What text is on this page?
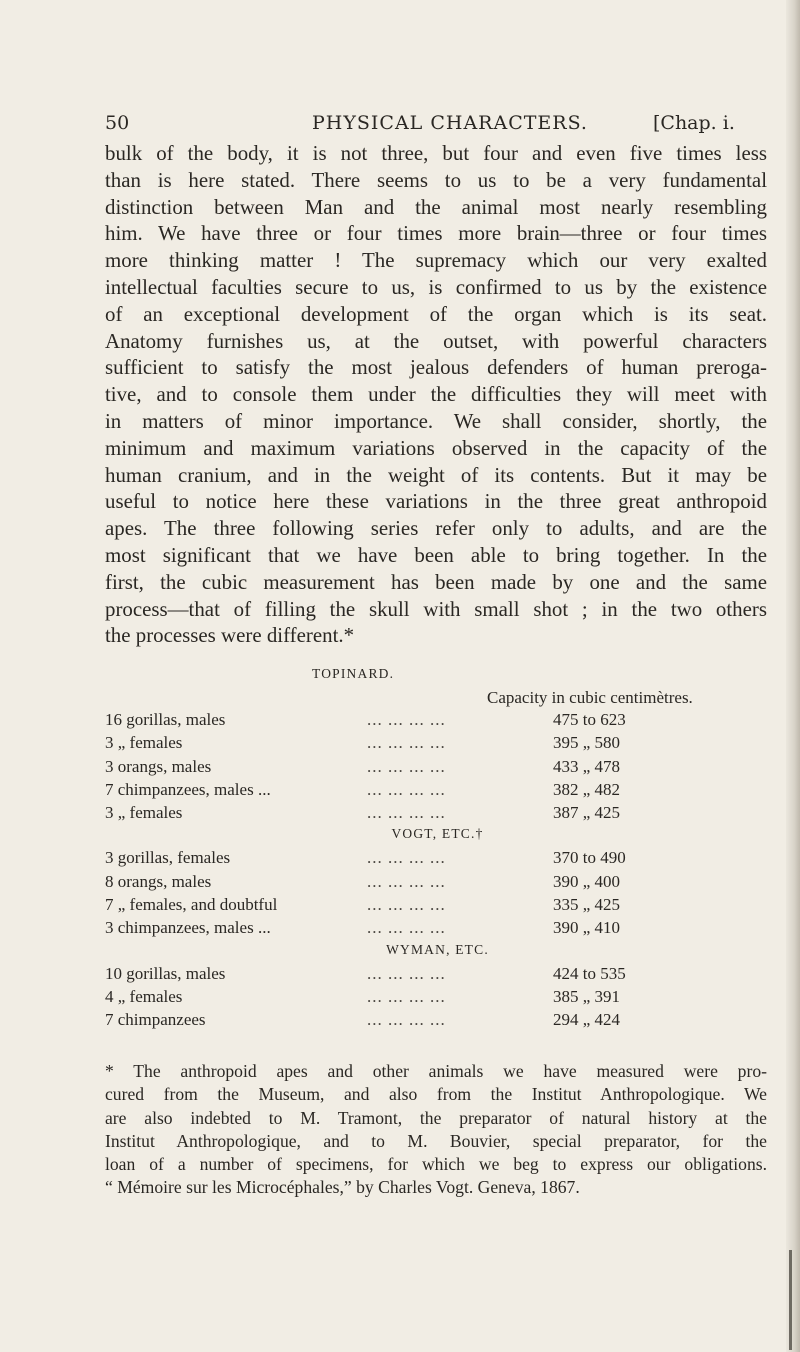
50	PHYSICAL CHARACTERS.	[Chap. i.
bulk of the body, it is not three, but four and even five times less
than is here stated. There seems to us to be a very fundamental
distinction between Man and the animal most nearly resembling
him. We have three or four times more brain—three or four times
more thinking matter ! The supremacy which our very exalted
intellectual faculties secure to us, is confirmed to us by the existence
of an exceptional development of the organ which is its seat.
Anatomy furnishes us, at the outset, with powerful characters
sufficient to satisfy the most jealous defenders of human preroga-
tive, and to console them under the difficulties they will meet with
in matters of minor importance. We shall consider, shortly, the
minimum and maximum variations observed in the capacity of the
human cranium, and in the weight of its contents. But it may be
useful to notice here these variations in the three great anthropoid
apes. The three following series refer only to adults, and are the
most significant that we have been able to bring together. In the
first, the cubic measurement has been made by one and the same
process—that of filling the skull with small shot ; in the two others
the processes were different.*
TOPINARD.
Capacity in cubic centimètres.
16 gorillas, males	... ... ... ...	475 to 623
3 „ females	... ... ... ...	395 „ 580
3 orangs, males	... ... ... ...	433 „ 478
7 chimpanzees, males ...	... ... ... ...	382 „ 482
3 „ females	... ... ... ...	387 „ 425
VOGT, ETC.†
3 gorillas, females	... ... ... ...	370 to 490
8 orangs, males	... ... ... ...	390 „ 400
7 „ females, and doubtful	... ... ... ...	335 „ 425
3 chimpanzees, males ...	... ... ... ...	390 „ 410
WYMAN, ETC.
10 gorillas, males	... ... ... ...	424 to 535
4 „ females	... ... ... ...	385 „ 391
7 chimpanzees	... ... ... ...	294 „ 424
* The anthropoid apes and other animals we have measured were pro-
cured from the Museum, and also from the Institut Anthropologique. We
are also indebted to M. Tramont, the preparator of natural history at the
Institut Anthropologique, and to M. Bouvier, special preparator, for the
loan of a number of specimens, for which we beg to express our obligations.
“ Mémoire sur les Microcéphales,” by Charles Vogt. Geneva, 1867.
